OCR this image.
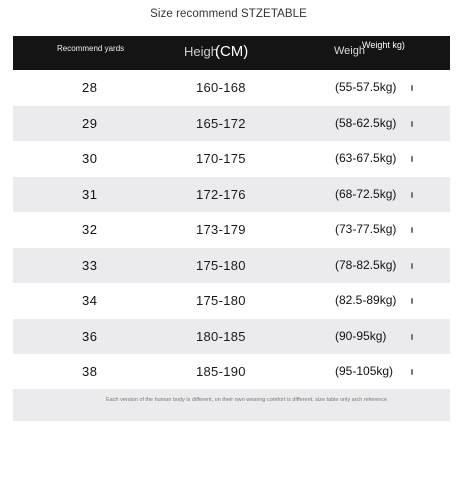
Size recommend STZETABLE
Recommend yards	Heigh(CM)	Weigh
Weight kg)
28	160-168	(55-57.5kg)
29	165-172	(58-62.5kg)
30	170-175	(63-67.5kg)
31	172-176	(68-72.5kg)
32	173-179	(73-77.5kg)
33	175-180	(78-82.5kg)
34	175-180	(82.5-89kg)
36	180-185	(90-95kg)
38	185-190	(95-105kg)
Each version of the human body is different, on their own wearing comfort is different, size table only arch reference
